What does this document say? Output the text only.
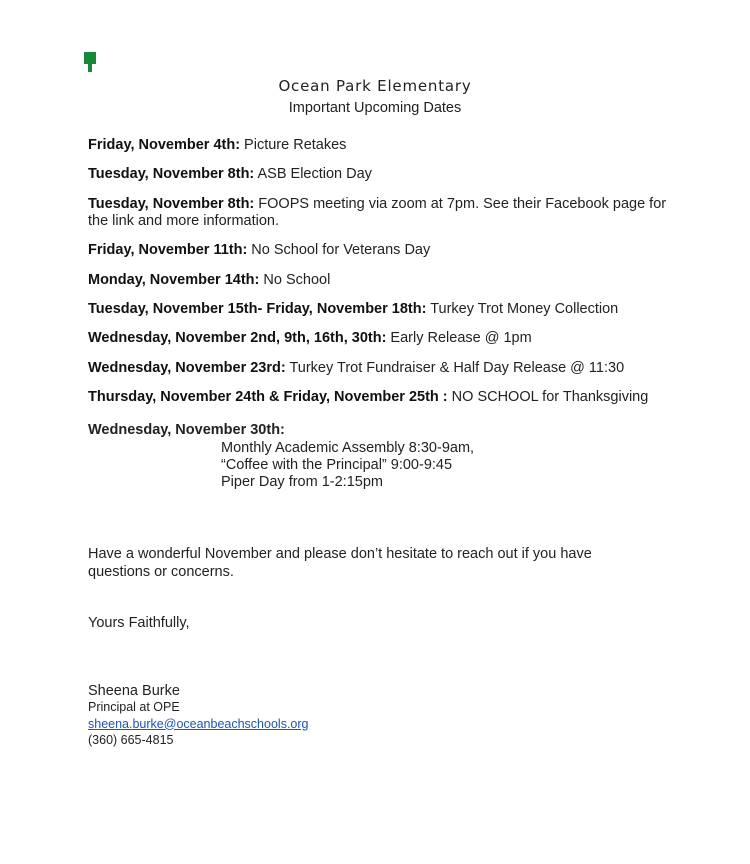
Ocean Park Elementary
Important Upcoming Dates
Friday, November 4th: Picture Retakes
Tuesday, November 8th: ASB Election Day
Tuesday, November 8th: FOOPS meeting via zoom at 7pm. See their Facebook page for the link and more information.
Friday, November 11th: No School for Veterans Day
Monday, November 14th: No School
Tuesday, November 15th- Friday, November 18th: Turkey Trot Money Collection
Wednesday, November 2nd, 9th, 16th, 30th: Early Release @ 1pm
Wednesday, November 23rd: Turkey Trot Fundraiser & Half Day Release @ 11:30
Thursday, November 24th & Friday, November 25th : NO SCHOOL for Thanksgiving
Wednesday, November 30th:
Monthly Academic Assembly 8:30-9am,
“Coffee with the Principal” 9:00-9:45
Piper Day from 1-2:15pm
Have a wonderful November and please don’t hesitate to reach out if you have questions or concerns.
Yours Faithfully,
Sheena Burke
Principal at OPE
sheena.burke@oceanbeachschools.org
(360) 665-4815
